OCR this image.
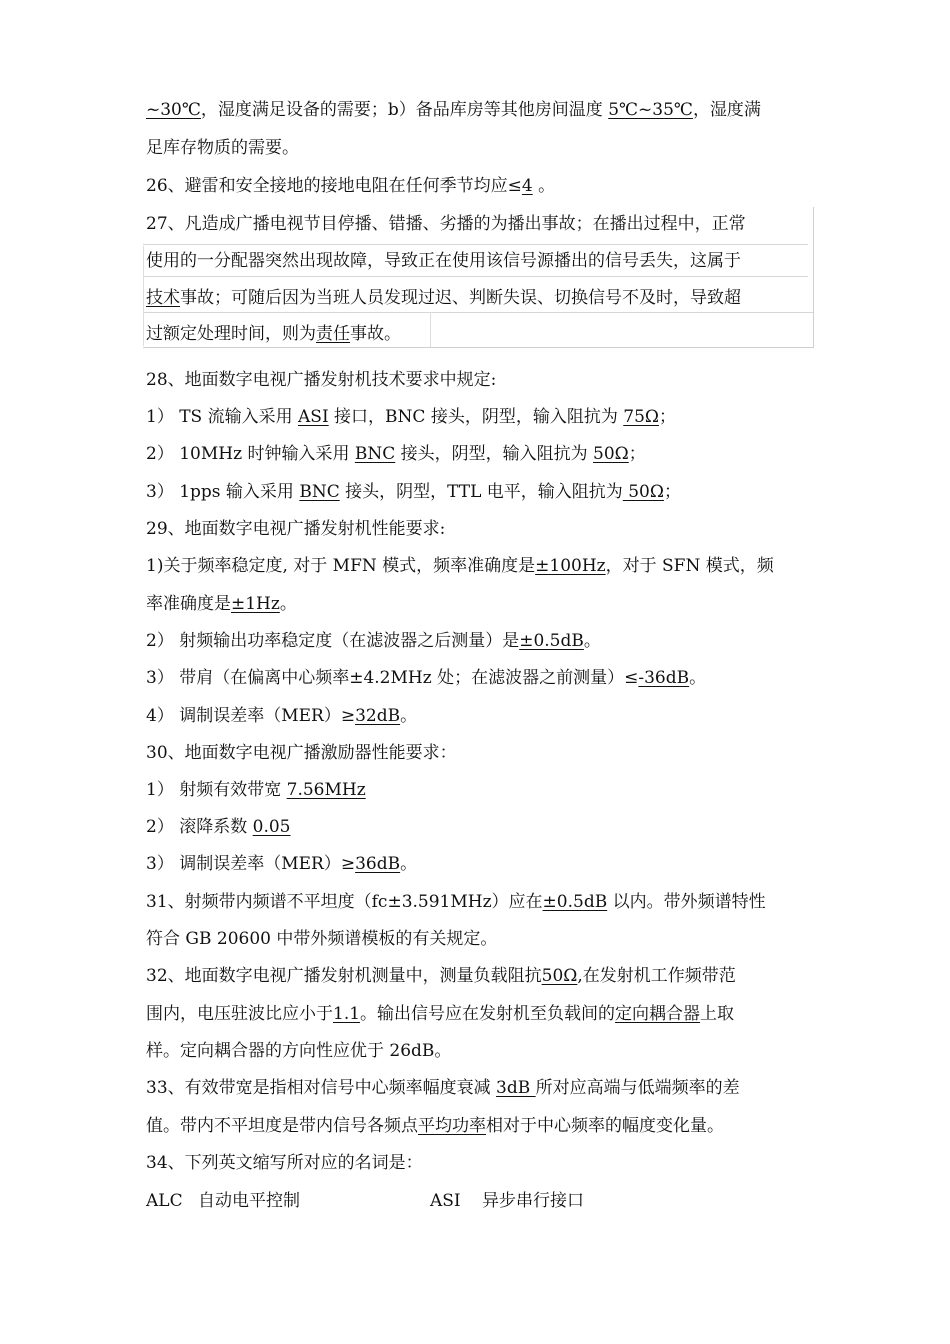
~30℃，湿度满足设备的需要；b）备品库房等其他房间温度 5℃~35℃，湿度满
足库存物质的需要。
26、避雷和安全接地的接地电阻在任何季节均应≤4 。
27、凡造成广播电视节目停播、错播、劣播的为播出事故；在播出过程中，正常
使用的一分配器突然出现故障，导致正在使用该信号源播出的信号丢失，这属于
技术事故；可随后因为当班人员发现过迟、判断失误、切换信号不及时，导致超
过额定处理时间，则为责任事故。
28、地面数字电视广播发射机技术要求中规定:
1） TS 流输入采用 ASI 接口，BNC 接头，阴型，输入阻抗为 75Ω；
2） 10MHz 时钟输入采用 BNC 接头，阴型，输入阻抗为 50Ω；
3） 1pps 输入采用 BNC 接头，阴型，TTL 电平，输入阻抗为 50Ω；
29、地面数字电视广播发射机性能要求:
1)关于频率稳定度, 对于 MFN 模式，频率准确度是±100Hz，对于 SFN 模式，频
率准确度是±1Hz。
2） 射频输出功率稳定度（在滤波器之后测量）是±0.5dB。
3） 带肩（在偏离中心频率±4.2MHz 处；在滤波器之前测量）≤-36dB。
4） 调制误差率（MER）≥32dB。
30、地面数字电视广播激励器性能要求：
1） 射频有效带宽 7.56MHz
2） 滚降系数 0.05
3） 调制误差率（MER）≥36dB。
31、射频带内频谱不平坦度（fc±3.591MHz）应在±0.5dB 以内。带外频谱特性
符合 GB 20600 中带外频谱模板的有关规定。
32、地面数字电视广播发射机测量中，测量负载阻抗50Ω,在发射机工作频带范
围内，电压驻波比应小于1.1。输出信号应在发射机至负载间的定向耦合器上取
样。定向耦合器的方向性应优于 26dB。
33、有效带宽是指相对信号中心频率幅度衰减 3dB 所对应高端与低端频率的差
值。带内不平坦度是带内信号各频点平均功率相对于中心频率的幅度变化量。
34、下列英文缩写所对应的名词是：
ALC 自动电平控制	ASI 异步串行接口
